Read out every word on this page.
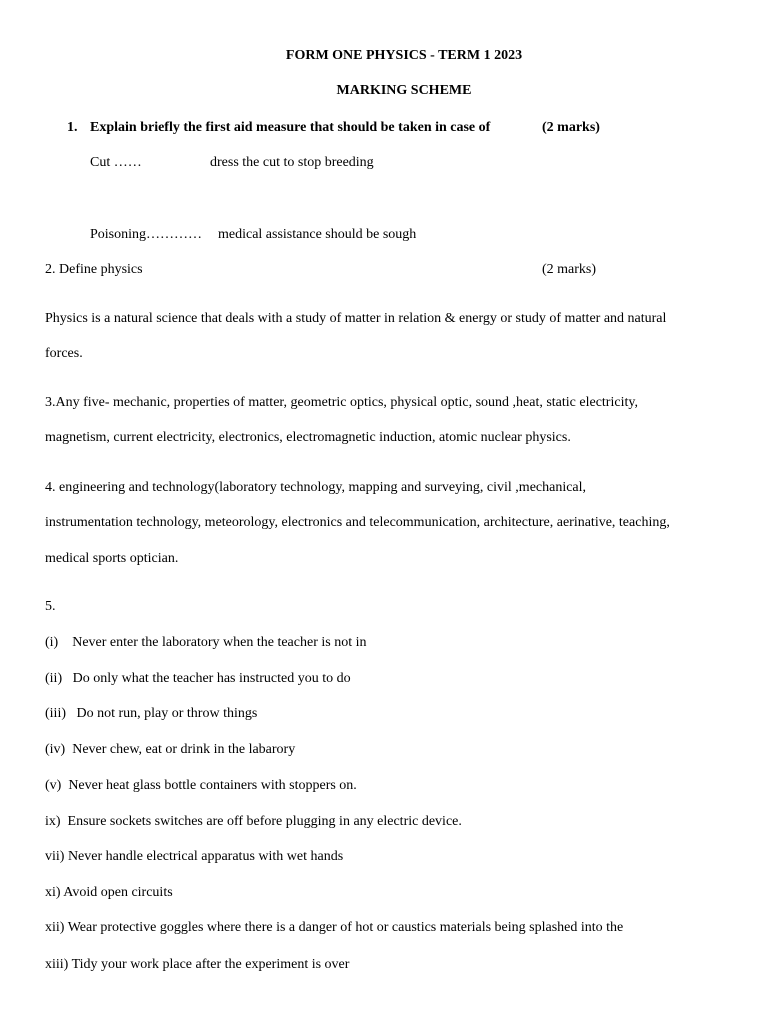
FORM ONE PHYSICS - TERM 1 2023
MARKING SCHEME
1. Explain briefly the first aid measure that should be taken in case of	(2 marks)
Cut ……	dress the cut to stop breeding
Poisoning………… medical assistance should be sough
2. Define physics	(2 marks)
Physics is a natural science that deals with a study of matter in relation & energy or study of matter and natural
forces.
3.Any five- mechanic, properties of matter, geometric optics, physical optic, sound ,heat, static electricity,
magnetism, current electricity, electronics, electromagnetic induction, atomic nuclear physics.
4. engineering and technology(laboratory technology, mapping and surveying, civil ,mechanical,
instrumentation technology, meteorology, electronics and telecommunication, architecture, aerinative, teaching,
medical sports optician.
5.
(i)    Never enter the laboratory when the teacher is not in
(ii)   Do only what the teacher has instructed you to do
(iii)   Do not run, play or throw things
(iv)  Never chew, eat or drink in the labarory
(v)  Never heat glass bottle containers with stoppers on.
ix)  Ensure sockets switches are off before plugging in any electric device.
vii) Never handle electrical apparatus with wet hands
xi) Avoid open circuits
xii) Wear protective goggles where there is a danger of hot or caustics materials being splashed into the
xiii) Tidy your work place after the experiment is over
